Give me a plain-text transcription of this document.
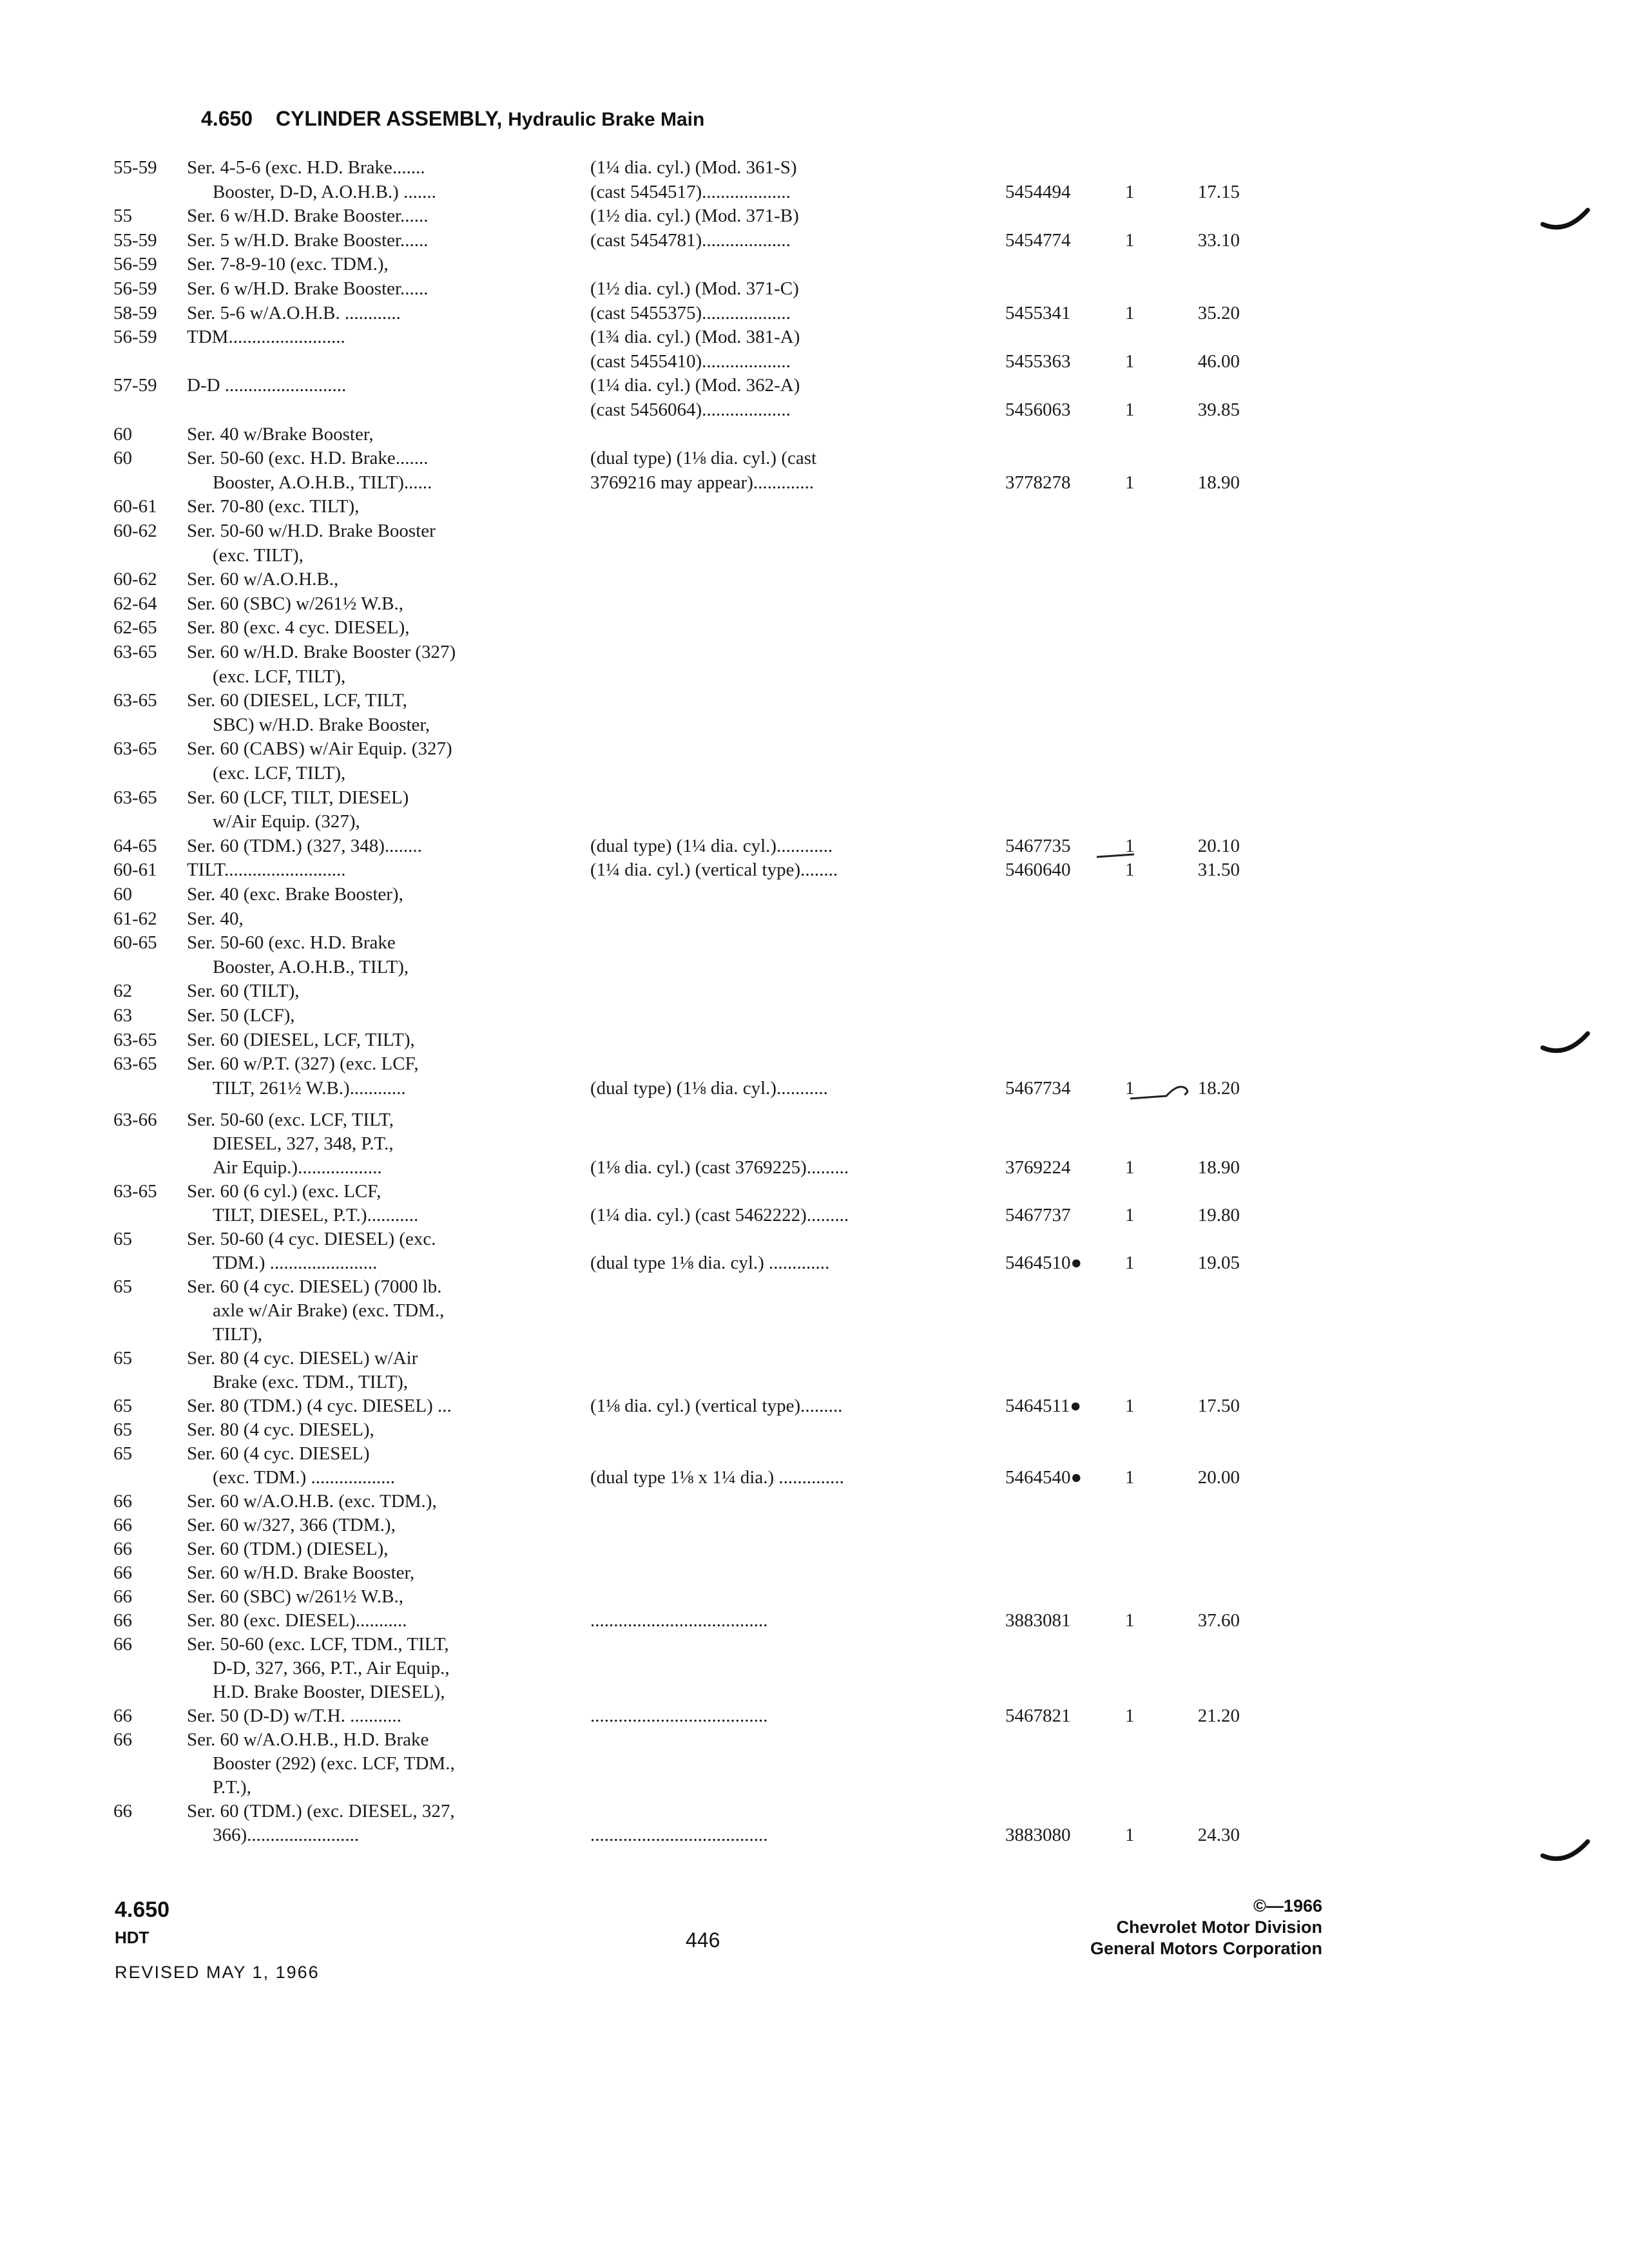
4.650 CYLINDER ASSEMBLY, Hydraulic Brake Main
55-59 Ser. 4-5-6 (exc. H.D. Brake.......	(1¼ dia. cyl.) (Mod. 361-S)
Booster, D-D, A.O.H.B.) .......	(cast 5454517)...................	5454494	1	17.15
55	Ser. 6 w/H.D. Brake Booster......	(1½ dia. cyl.) (Mod. 371-B)
55-59 Ser. 5 w/H.D. Brake Booster......	(cast 5454781)...................	5454774	1	33.10
56-59 Ser. 7-8-9-10 (exc. TDM.),
56-59 Ser. 6 w/H.D. Brake Booster......	(1½ dia. cyl.) (Mod. 371-C)
58-59 Ser. 5-6 w/A.O.H.B. ............	(cast 5455375)...................	5455341	1	35.20
56-59 TDM.........................	(1¾ dia. cyl.) (Mod. 381-A)
(cast 5455410)...................	5455363	1	46.00
57-59 D-D ..........................	(1¼ dia. cyl.) (Mod. 362-A)
(cast 5456064)...................	5456063	1	39.85
60	Ser. 40 w/Brake Booster,
60	Ser. 50-60 (exc. H.D. Brake.......	(dual type) (1⅛ dia. cyl.) (cast
Booster, A.O.H.B., TILT)......	3769216 may appear).............	3778278	1	18.90
60-61 Ser. 70-80 (exc. TILT),
60-62 Ser. 50-60 w/H.D. Brake Booster
(exc. TILT),
60-62 Ser. 60 w/A.O.H.B.,
62-64 Ser. 60 (SBC) w/261½ W.B.,
62-65 Ser. 80 (exc. 4 cyc. DIESEL),
63-65 Ser. 60 w/H.D. Brake Booster (327)
(exc. LCF, TILT),
63-65 Ser. 60 (DIESEL, LCF, TILT,
SBC) w/H.D. Brake Booster,
63-65 Ser. 60 (CABS) w/Air Equip. (327)
(exc. LCF, TILT),
63-65 Ser. 60 (LCF, TILT, DIESEL)
w/Air Equip. (327),
64-65 Ser. 60 (TDM.) (327, 348)........	(dual type) (1¼ dia. cyl.)............	5467735	1	20.10
60-61 TILT..........................	(1¼ dia. cyl.) (vertical type)........	5460640	1	31.50
60	Ser. 40 (exc. Brake Booster),
61-62 Ser. 40,
60-65 Ser. 50-60 (exc. H.D. Brake
Booster, A.O.H.B., TILT),
62	Ser. 60 (TILT),
63	Ser. 50 (LCF),
63-65 Ser. 60 (DIESEL, LCF, TILT),
63-65 Ser. 60 w/P.T. (327) (exc. LCF,
TILT, 261½ W.B.)............	(dual type) (1⅛ dia. cyl.)...........	5467734	1	18.20
63-66 Ser. 50-60 (exc. LCF, TILT,
DIESEL, 327, 348, P.T.,
Air Equip.)..................	(1⅛ dia. cyl.) (cast 3769225).........	3769224	1	18.90
63-65 Ser. 60 (6 cyl.) (exc. LCF,
TILT, DIESEL, P.T.)...........	(1¼ dia. cyl.) (cast 5462222).........	5467737	1	19.80
65	Ser. 50-60 (4 cyc. DIESEL) (exc.
TDM.) .......................	(dual type 1⅛ dia. cyl.) .............	5464510● 1	19.05
65	Ser. 60 (4 cyc. DIESEL) (7000 lb.
axle w/Air Brake) (exc. TDM.,
TILT),
65	Ser. 80 (4 cyc. DIESEL) w/Air
Brake (exc. TDM., TILT),
65	Ser. 80 (TDM.) (4 cyc. DIESEL) ...	(1⅛ dia. cyl.) (vertical type).........	5464511● 1	17.50
65	Ser. 80 (4 cyc. DIESEL),
65	Ser. 60 (4 cyc. DIESEL)
(exc. TDM.) ..................	(dual type 1⅛ x 1¼ dia.) ..............	5464540● 1	20.00
66	Ser. 60 w/A.O.H.B. (exc. TDM.),
66	Ser. 60 w/327, 366 (TDM.),
66	Ser. 60 (TDM.) (DIESEL),
66	Ser. 60 w/H.D. Brake Booster,
66	Ser. 60 (SBC) w/261½ W.B.,
66	Ser. 80 (exc. DIESEL)...........	......................................	3883081	1	37.60
66	Ser. 50-60 (exc. LCF, TDM., TILT,
D-D, 327, 366, P.T., Air Equip.,
H.D. Brake Booster, DIESEL),
66	Ser. 50 (D-D) w/T.H. ...........	......................................	5467821	1	21.20
66	Ser. 60 w/A.O.H.B., H.D. Brake
Booster (292) (exc. LCF, TDM.,
P.T.),
66	Ser. 60 (TDM.) (exc. DIESEL, 327,
366)........................	......................................	3883080	1	24.30
4.650
HDT
REVISED MAY 1, 1966
446
©—1966
Chevrolet Motor Division
General Motors Corporation
